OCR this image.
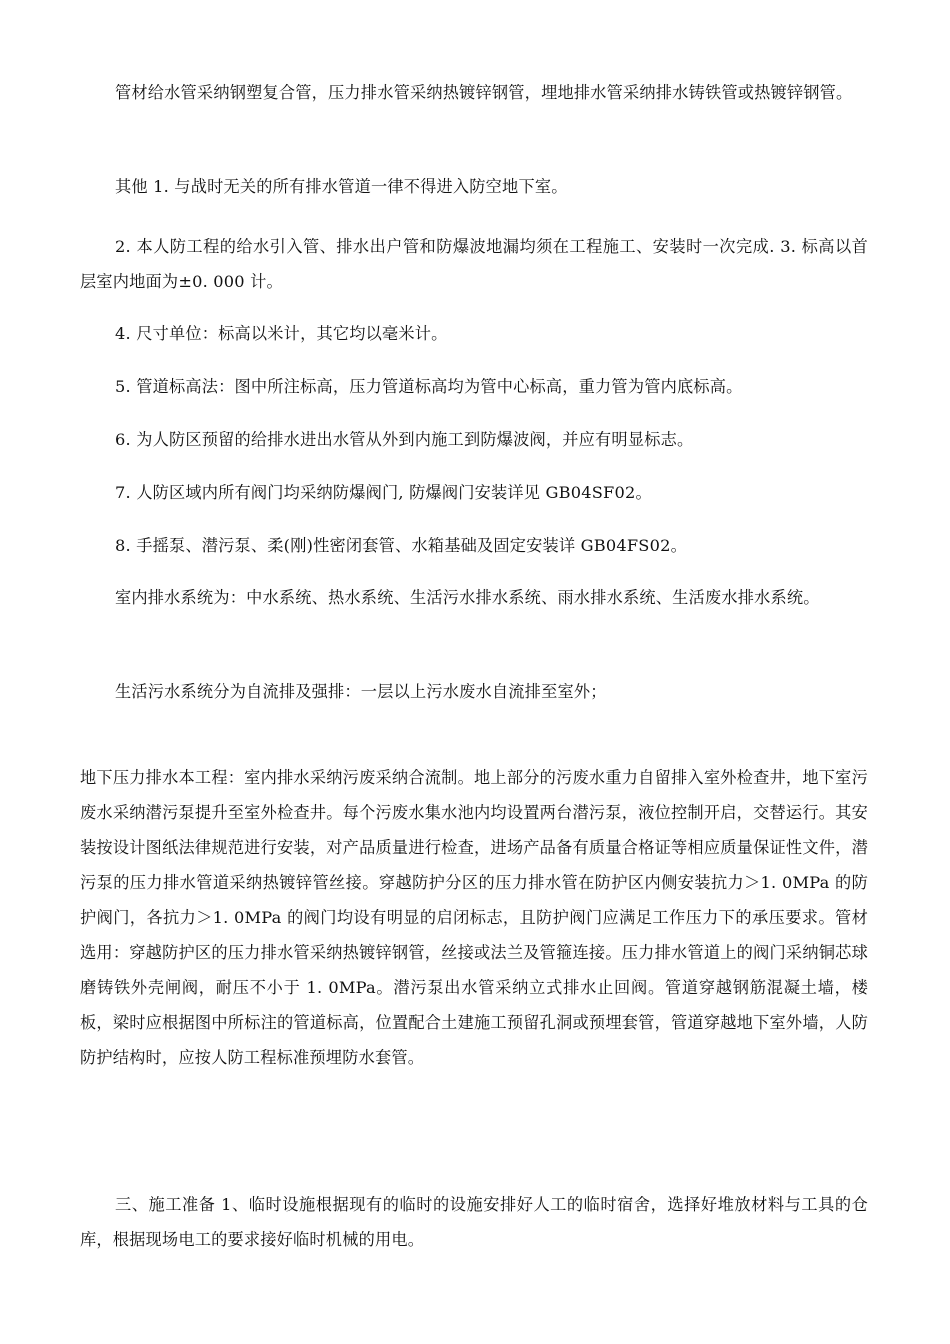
管材给水管采纳钢塑复合管，压力排水管采纳热镀锌钢管，埋地排水管采纳排水铸铁管或热镀锌钢管。

其他 1. 与战时无关的所有排水管道一律不得进入防空地下室。

2. 本人防工程的给水引入管、排水出户管和防爆波地漏均须在工程施工、安装时一次完成. 3. 标高以首层室内地面为±0. 000 计。

4. 尺寸单位：标高以米计，其它均以毫米计。

5. 管道标高法：图中所注标高，压力管道标高均为管中心标高，重力管为管内底标高。

6. 为人防区预留的给排水进出水管从外到内施工到防爆波阀，并应有明显标志。

7. 人防区域内所有阀门均采纳防爆阀门, 防爆阀门安装详见 GB04SF02。

8. 手摇泵、潜污泵、柔(刚)性密闭套管、水箱基础及固定安装详 GB04FS02。

室内排水系统为：中水系统、热水系统、生活污水排水系统、雨水排水系统、生活废水排水系统。

生活污水系统分为自流排及强排：一层以上污水废水自流排至室外；

地下压力排水本工程：室内排水采纳污废采纳合流制。地上部分的污废水重力自留排入室外检查井，地下室污废水采纳潜污泵提升至室外检查井。每个污废水集水池内均设置两台潜污泵，液位控制开启，交替运行。其安装按设计图纸法律规范进行安装，对产品质量进行检查，进场产品备有质量合格证等相应质量保证性文件，潜污泵的压力排水管道采纳热镀锌管丝接。穿越防护分区的压力排水管在防护区内侧安装抗力＞1. 0MPa 的防护阀门，各抗力＞1. 0MPa 的阀门均设有明显的启闭标志，且防护阀门应满足工作压力下的承压要求。管材选用：穿越防护区的压力排水管采纳热镀锌钢管，丝接或法兰及管箍连接。压力排水管道上的阀门采纳铜芯球磨铸铁外壳闸阀，耐压不小于 1. 0MPa。潜污泵出水管采纳立式排水止回阀。管道穿越钢筋混凝土墙，楼板，梁时应根据图中所标注的管道标高，位置配合土建施工预留孔洞或预埋套管，管道穿越地下室外墙，人防防护结构时，应按人防工程标准预埋防水套管。

三、施工准备 1、临时设施根据现有的临时的设施安排好人工的临时宿舍，选择好堆放材料与工具的仓库，根据现场电工的要求接好临时机械的用电。
